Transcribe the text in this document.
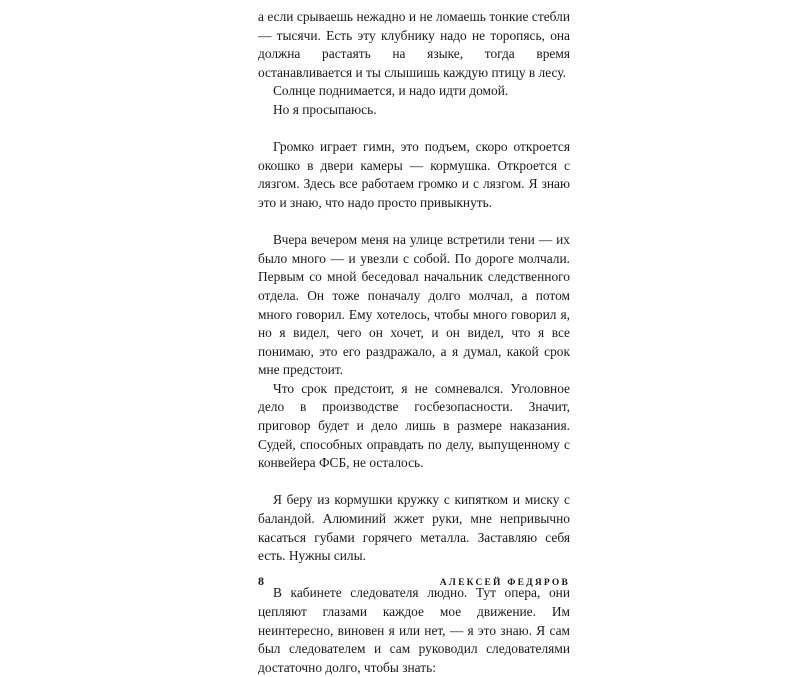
а если срываешь нежадно и не ломаешь тонкие стебли — тысячи. Есть эту клубнику надо не торопясь, она должна растаять на языке, тогда время останавливается и ты слышишь каждую птицу в лесу.

Солнце поднимается, и надо идти домой.

Но я просыпаюсь.

Громко играет гимн, это подъем, скоро откроется окошко в двери камеры — кормушка. Откроется с лязгом. Здесь все работаем громко и с лязгом. Я знаю это и знаю, что надо просто привыкнуть.

Вчера вечером меня на улице встретили тени — их было много — и увезли с собой. По дороге молчали. Первым со мной беседовал начальник следственного отдела. Он тоже поначалу долго молчал, а потом много говорил. Ему хотелось, чтобы много говорил я, но я видел, чего он хочет, и он видел, что я все понимаю, это его раздражало, а я думал, какой срок мне предстоит.

Что срок предстоит, я не сомневался. Уголовное дело в производстве госбезопасности. Значит, приговор будет и дело лишь в размере наказания. Судей, способных оправдать по делу, выпущенному с конвейера ФСБ, не осталось.

Я беру из кормушки кружку с кипятком и миску с баландой. Алюминий жжет руки, мне непривычно касаться губами горячего металла. Заставляю себя есть. Нужны силы.

В кабинете следователя людно. Тут опера, они цепляют глазами каждое мое движение. Им неинтересно, виновен я или нет, — я это знаю. Я сам был следователем и сам руководил следователями достаточно долго, чтобы знать:

8	АЛЕКСЕЙ ФЕДЯРОВ
